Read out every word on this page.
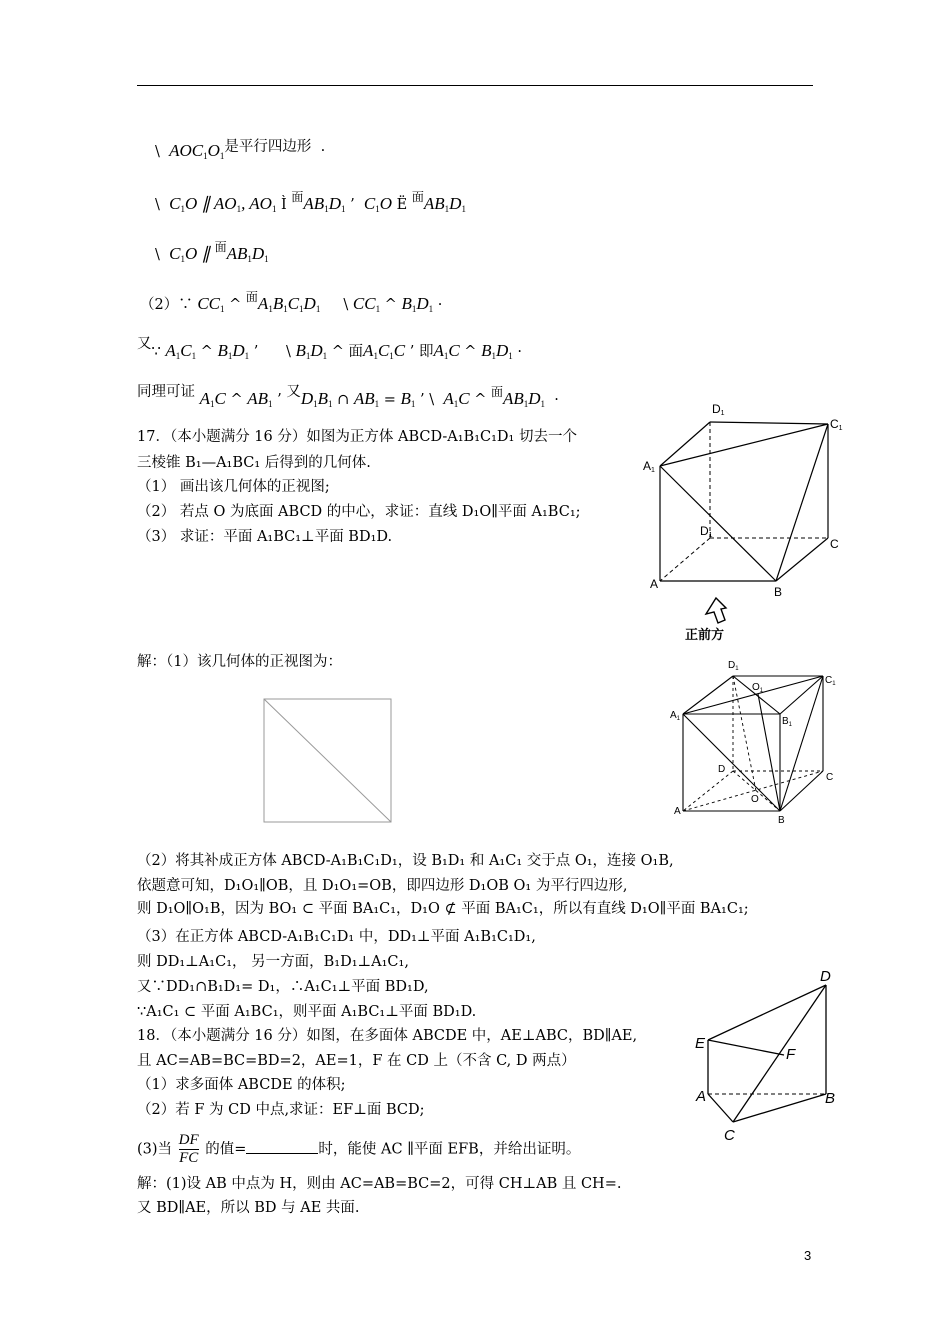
\  $AOC_1O_1$是平行四边形  .
\  $C_1O$ ∥ $AO_1$, $AO_1$ Ì $^面AB_1D_1$ ’  $C_1O$ Ë $^面AB_1D_1$
\  $C_1O$ ∥ $^面AB_1D_1$
（2）∵ $CC_1$ ^ $^面A_1B_1C_1D_1$     \ $CC_1$ ^ $B_1D_1$ ·
又∵ $A_1C_1$ ^ $B_1D_1$ ’      \ $B_1D_1$ ^ 面$A_1C_1C$ ’ 即$A_1C$ ^ $B_1D_1$ ·
同理可证 $A_1C$ ^ $AB_1$ ’ 又$D_1B_1$ ∩ $AB_1 = B_1$ ’ \  $A_1C$ ^ $^面AB_1D_1$  ·
17．（本小题满分 16 分）如图为正方体 ABCD-A₁B₁C₁D₁ 切去一个
三棱锥 B₁—A₁BC₁ 后得到的几何体.
（1） 画出该几何体的正视图;
（2） 若点 O 为底面 ABCD 的中心，求证：直线 D₁O∥平面 A₁BC₁;
（3） 求证：平面 A₁BC₁⊥平面 BD₁D.
D1
C1
A1
D1
C
A
B
正前方
解：（1）该几何体的正视图为：	$D_1$
$O_1$
$C_1$
$A_1$	$B_1$
D
C
O
A
B
（2）将其补成正方体 ABCD-A₁B₁C₁D₁，设 B₁D₁ 和 A₁C₁ 交于点 O₁，连接 O₁B,
依题意可知，D₁O₁∥OB，且 D₁O₁=OB，即四边形 D₁OB O₁ 为平行四边形,
则 D₁O∥O₁B，因为 BO₁ ⊂ 平面 BA₁C₁，D₁O ⊄ 平面 BA₁C₁，所以有直线 D₁O∥平面 BA₁C₁;
（3）在正方体 ABCD-A₁B₁C₁D₁ 中，DD₁⊥平面 A₁B₁C₁D₁,
则 DD₁⊥A₁C₁， 另一方面，B₁D₁⊥A₁C₁,
又∵DD₁∩B₁D₁= D₁，∴A₁C₁⊥平面 BD₁D,
∵A₁C₁ ⊂ 平面 A₁BC₁，则平面 A₁BC₁⊥平面 BD₁D.
18．（本小题满分 16 分）如图，在多面体 ABCDE 中，AE⊥ABC，BD∥AE,
且 AC=AB=BC=BD=2，AE=1，F 在 CD 上（不含 C, D 两点）
（1）求多面体 ABCDE 的体积;
（2）若 F 为 CD 中点,求证：EF⊥面 BCD;
(3)当 $\frac{DF}{FC}$ 的值=	时，能使 AC ∥平面 EFB，并给出证明。
解：(1)设 AB 中点为 H，则由 AC=AB=BC=2，可得 CH⊥AB 且 CH=.
又 BD∥AE，所以 BD 与 AE 共面.
D
E
F
A	B
C
3
